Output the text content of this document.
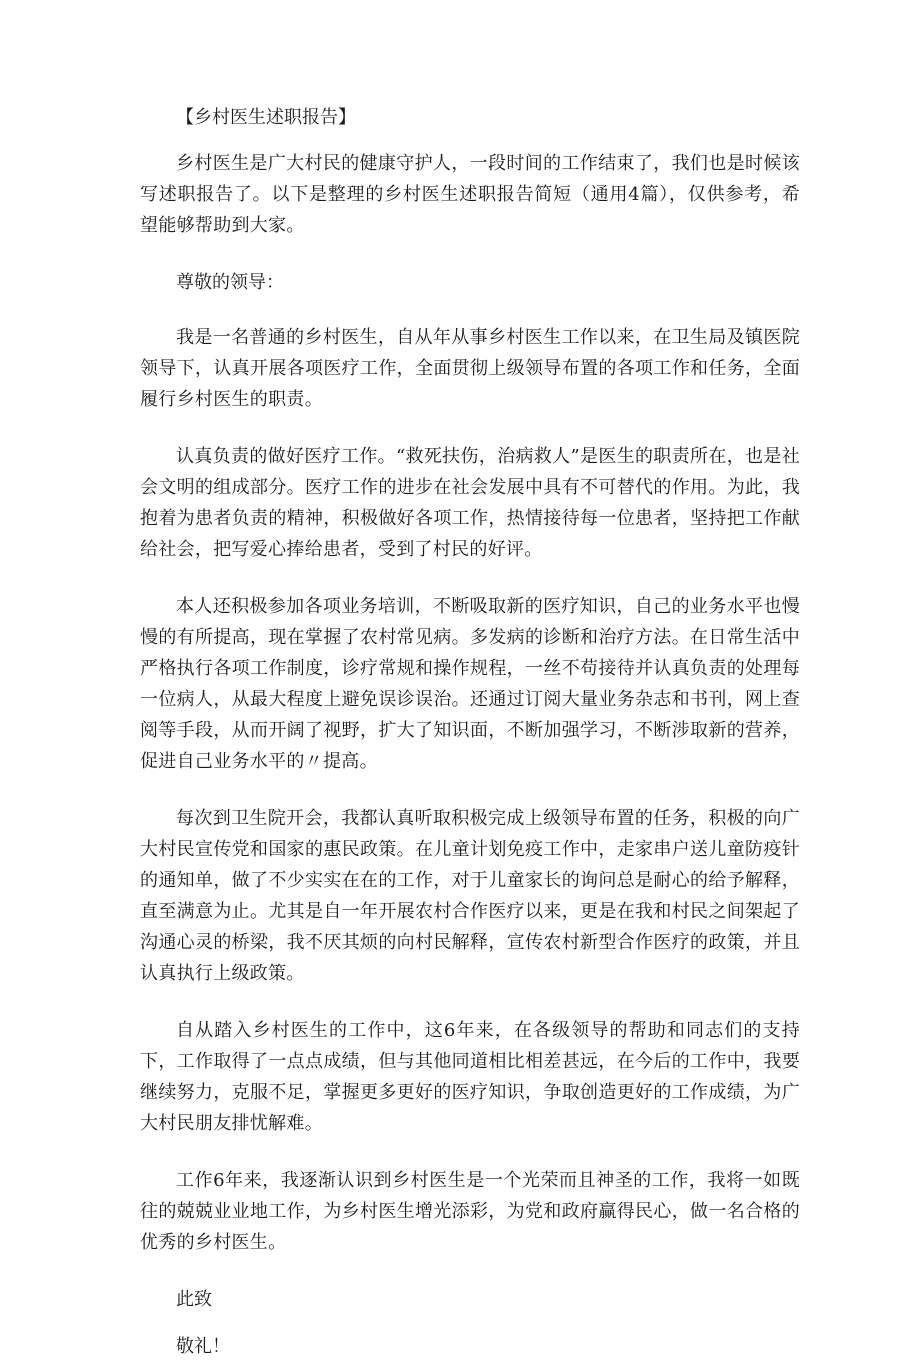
【乡村医生述职报告】

乡村医生是广大村民的健康守护人，一段时间的工作结束了，我们也是时候该写述职报告了。以下是整理的乡村医生述职报告简短（通用4篇），仅供参考，希望能够帮助到大家。

尊敬的领导：

我是一名普通的乡村医生，自从年从事乡村医生工作以来，在卫生局及镇医院领导下，认真开展各项医疗工作，全面贯彻上级领导布置的各项工作和任务，全面履行乡村医生的职责。

认真负责的做好医疗工作。“救死扶伤，治病救人”是医生的职责所在，也是社会文明的组成部分。医疗工作的进步在社会发展中具有不可替代的作用。为此，我抱着为患者负责的精神，积极做好各项工作，热情接待每一位患者，坚持把工作献给社会，把写爱心捧给患者，受到了村民的好评。

本人还积极参加各项业务培训，不断吸取新的医疗知识，自己的业务水平也慢慢的有所提高，现在掌握了农村常见病。多发病的诊断和治疗方法。在日常生活中严格执行各项工作制度，诊疗常规和操作规程，一丝不苟接待并认真负责的处理每一位病人，从最大程度上避免误诊误治。还通过订阅大量业务杂志和书刊，网上查阅等手段，从而开阔了视野，扩大了知识面，不断加强学习，不断涉取新的营养，促进自己业务水平的〃提高。

每次到卫生院开会，我都认真听取积极完成上级领导布置的任务，积极的向广大村民宣传党和国家的惠民政策。在儿童计划免疫工作中，走家串户送儿童防疫针的通知单，做了不少实实在在的工作，对于儿童家长的询问总是耐心的给予解释，直至满意为止。尤其是自一年开展农村合作医疗以来，更是在我和村民之间架起了沟通心灵的桥梁，我不厌其烦的向村民解释，宣传农村新型合作医疗的政策，并且认真执行上级政策。

自从踏入乡村医生的工作中，这6年来，在各级领导的帮助和同志们的支持下，工作取得了一点点成绩，但与其他同道相比相差甚远，在今后的工作中，我要继续努力，克服不足，掌握更多更好的医疗知识，争取创造更好的工作成绩，为广大村民朋友排忧解难。

工作6年来，我逐渐认识到乡村医生是一个光荣而且神圣的工作，我将一如既往的兢兢业业地工作，为乡村医生增光添彩，为党和政府赢得民心，做一名合格的优秀的乡村医生。

此致
敬礼！
